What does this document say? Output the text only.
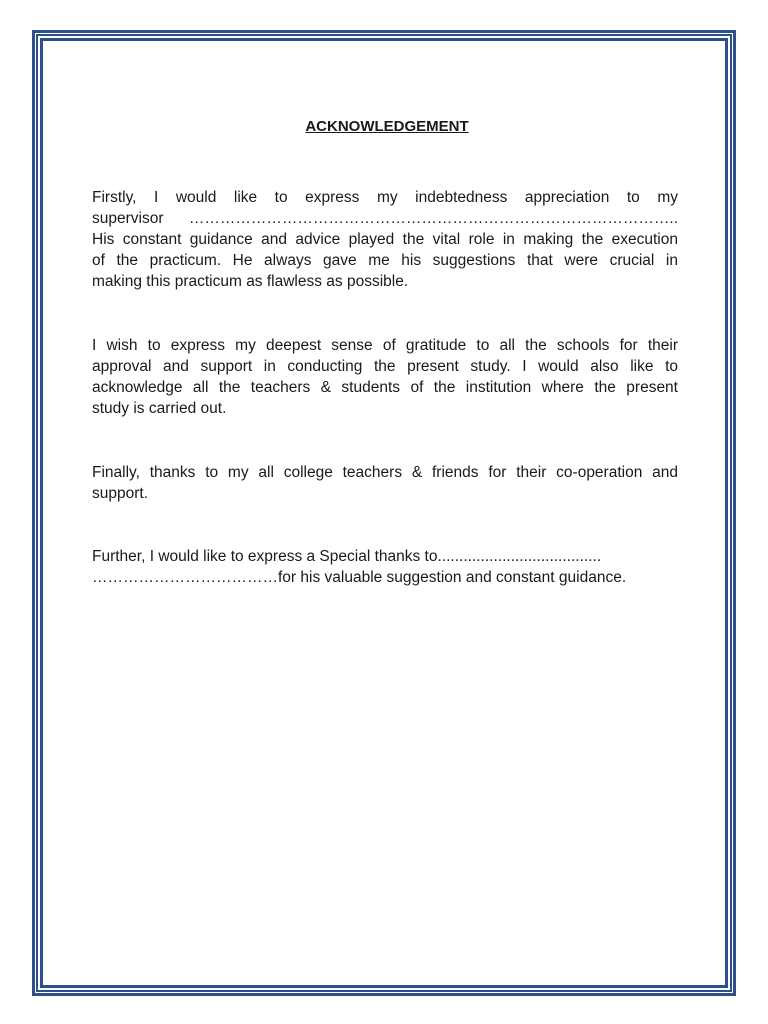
ACKNOWLEDGEMENT
Firstly, I would like to express my indebtedness appreciation to my
supervisor …………………………………………………………………………………..
His constant guidance and advice played the vital role in making the execution
of the practicum. He always gave me his suggestions that were crucial in
making this practicum as flawless as possible.
I wish to express my deepest sense of gratitude to all the schools for their
approval and support in conducting the present study. I would also like to
acknowledge all the teachers & students of the institution where the present
study is carried out.
Finally, thanks to my all college teachers & friends for their co-operation and
support.
Further, I would like to express a Special thanks to......................................
………………………………for his valuable suggestion and constant guidance.
